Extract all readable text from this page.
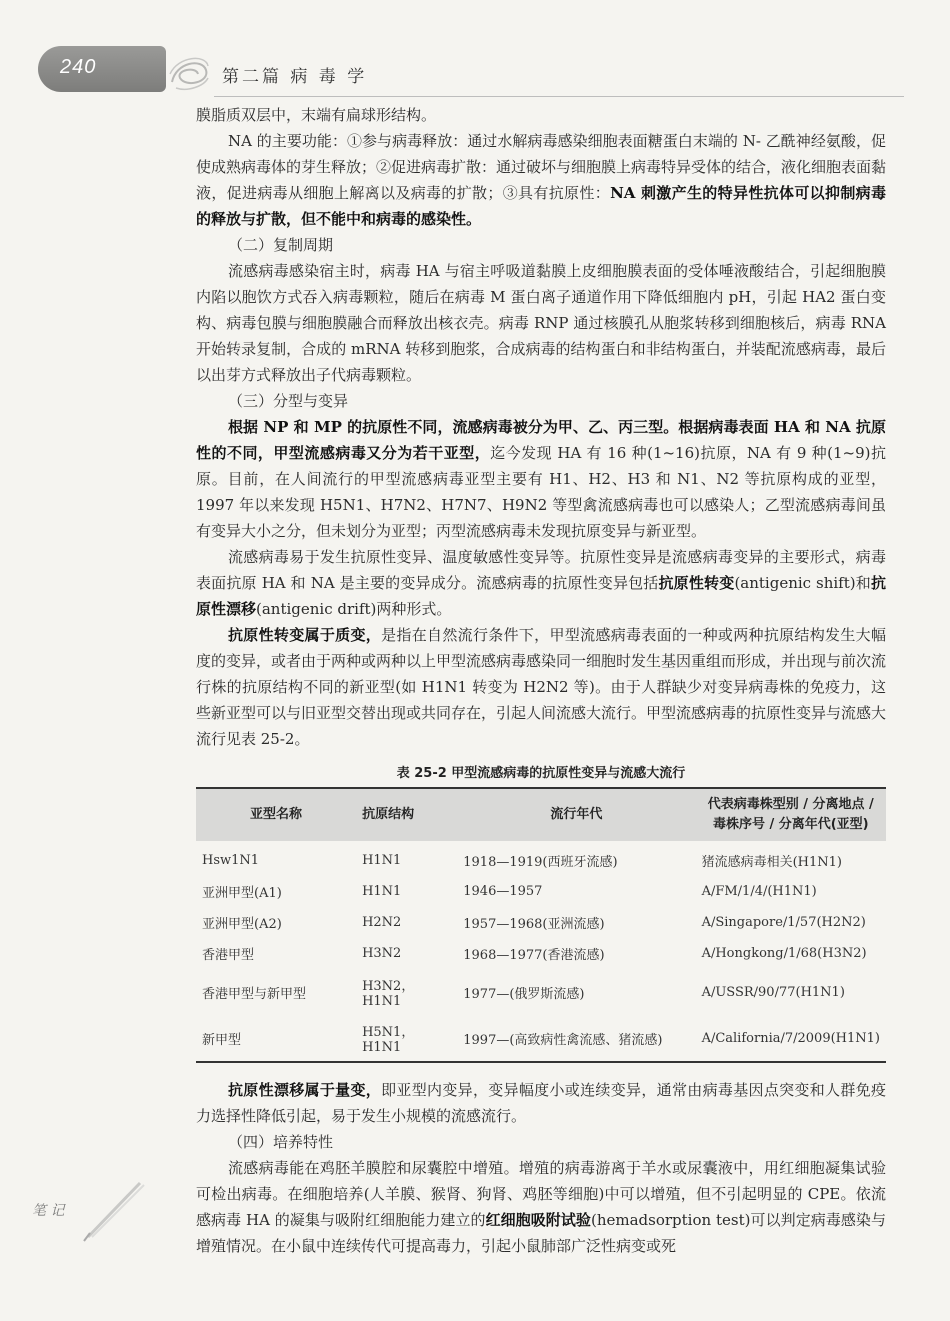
240	第二篇 病 毒 学

膜脂质双层中，末端有扁球形结构。

NA 的主要功能：①参与病毒释放：通过水解病毒感染细胞表面糖蛋白末端的 N- 乙酰神经氨酸，促使成熟病毒体的芽生释放；②促进病毒扩散：通过破坏与细胞膜上病毒特异受体的结合，液化细胞表面黏液，促进病毒从细胞上解离以及病毒的扩散；③具有抗原性：NA 刺激产生的特异性抗体可以抑制病毒的释放与扩散，但不能中和病毒的感染性。

（二）复制周期

流感病毒感染宿主时，病毒 HA 与宿主呼吸道黏膜上皮细胞膜表面的受体唾液酸结合，引起细胞膜内陷以胞饮方式吞入病毒颗粒，随后在病毒 M 蛋白离子通道作用下降低细胞内 pH，引起 HA2 蛋白变构、病毒包膜与细胞膜融合而释放出核衣壳。病毒 RNP 通过核膜孔从胞浆转移到细胞核后，病毒 RNA 开始转录复制，合成的 mRNA 转移到胞浆，合成病毒的结构蛋白和非结构蛋白，并装配流感病毒，最后以出芽方式释放出子代病毒颗粒。

（三）分型与变异

根据 NP 和 MP 的抗原性不同，流感病毒被分为甲、乙、丙三型。根据病毒表面 HA 和 NA 抗原性的不同，甲型流感病毒又分为若干亚型，迄今发现 HA 有 16 种(1~16)抗原，NA 有 9 种(1~9)抗原。目前，在人间流行的甲型流感病毒亚型主要有 H1、H2、H3 和 N1、N2 等抗原构成的亚型，1997 年以来发现 H5N1、H7N2、H7N7、H9N2 等型禽流感病毒也可以感染人；乙型流感病毒间虽有变异大小之分，但未划分为亚型；丙型流感病毒未发现抗原变异与新亚型。

流感病毒易于发生抗原性变异、温度敏感性变异等。抗原性变异是流感病毒变异的主要形式，病毒表面抗原 HA 和 NA 是主要的变异成分。流感病毒的抗原性变异包括抗原性转变(antigenic shift)和抗原性漂移(antigenic drift)两种形式。

抗原性转变属于质变，是指在自然流行条件下，甲型流感病毒表面的一种或两种抗原结构发生大幅度的变异，或者由于两种或两种以上甲型流感病毒感染同一细胞时发生基因重组而形成，并出现与前次流行株的抗原结构不同的新亚型(如 H1N1 转变为 H2N2 等)。由于人群缺少对变异病毒株的免疫力，这些新亚型可以与旧亚型交替出现或共同存在，引起人间流感大流行。甲型流感病毒的抗原性变异与流感大流行见表 25-2。

表 25-2 甲型流感病毒的抗原性变异与流感大流行
亚型名称	抗原结构	流行年代	代表病毒株型别 / 分离地点 / 毒株序号 / 分离年代(亚型)
Hsw1N1	H1N1	1918—1919(西班牙流感)	猪流感病毒相关(H1N1)
亚洲甲型(A1)	H1N1	1946—1957	A/FM/1/4/(H1N1)
亚洲甲型(A2)	H2N2	1957—1968(亚洲流感)	A/Singapore/1/57(H2N2)
香港甲型	H3N2	1968—1977(香港流感)	A/Hongkong/1/68(H3N2)
香港甲型与新甲型	H3N2，H1N1	1977—(俄罗斯流感)	A/USSR/90/77(H1N1)
新甲型	H5N1，H1N1	1997—(高致病性禽流感、猪流感)	A/California/7/2009(H1N1)

抗原性漂移属于量变，即亚型内变异，变异幅度小或连续变异，通常由病毒基因点突变和人群免疫力选择性降低引起，易于发生小规模的流感流行。

（四）培养特性

流感病毒能在鸡胚羊膜腔和尿囊腔中增殖。增殖的病毒游离于羊水或尿囊液中，用红细胞凝集试验可检出病毒。在细胞培养(人羊膜、猴肾、狗肾、鸡胚等细胞)中可以增殖，但不引起明显的 CPE。依流感病毒 HA 的凝集与吸附红细胞能力建立的红细胞吸附试验(hemadsorption test)可以判定病毒感染与增殖情况。在小鼠中连续传代可提高毒力，引起小鼠肺部广泛性病变或死

笔 记
